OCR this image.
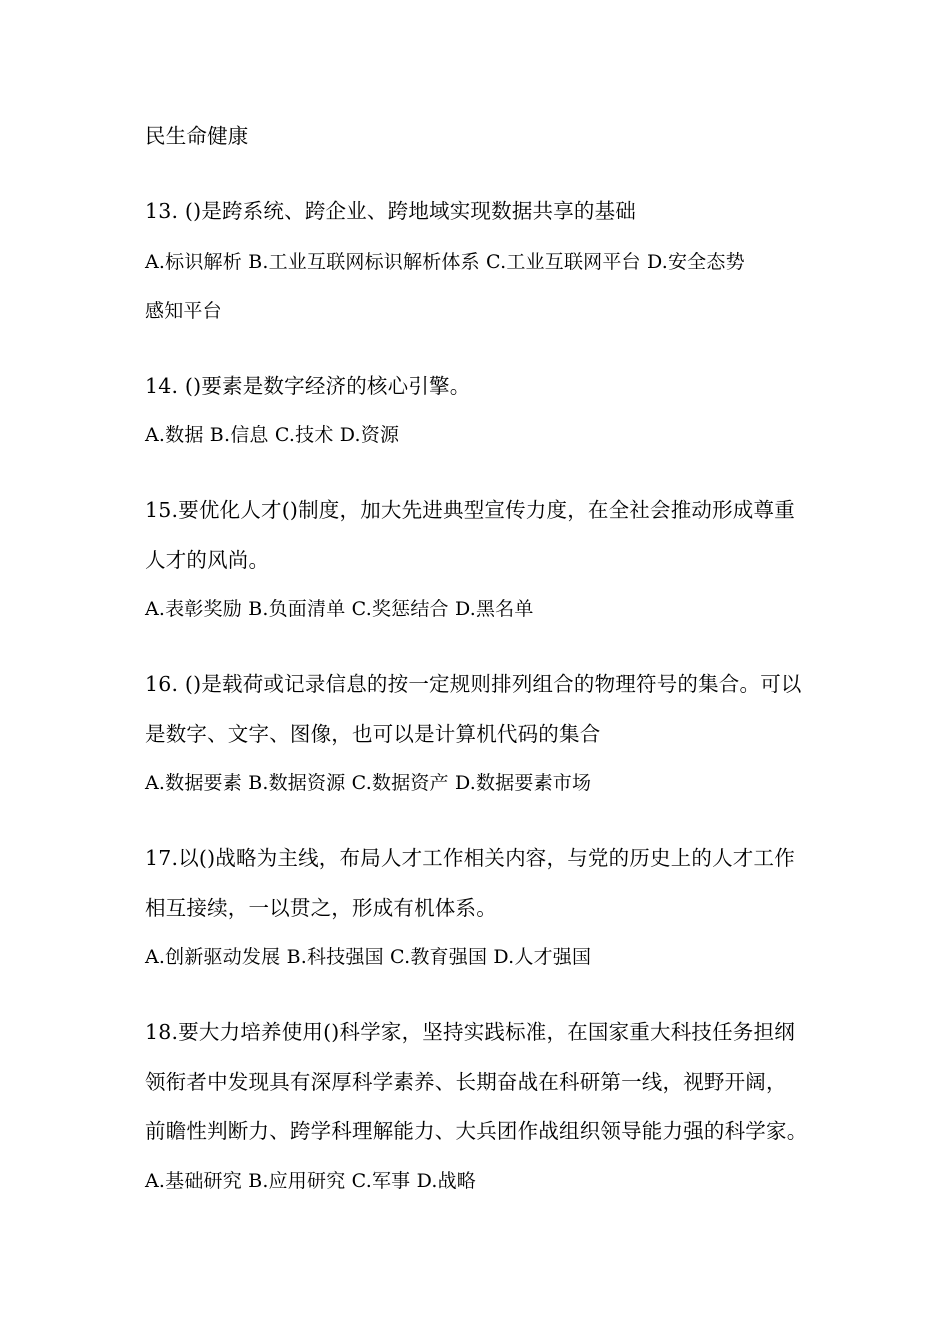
民生命健康
13. ()是跨系统、跨企业、跨地域实现数据共享的基础
A.标识解析 B.工业互联网标识解析体系 C.工业互联网平台 D.安全态势
感知平台
14. ()要素是数字经济的核心引擎。
A.数据 B.信息 C.技术 D.资源
15.要优化人才()制度，加大先进典型宣传力度，在全社会推动形成尊重
人才的风尚。
A.表彰奖励 B.负面清单 C.奖惩结合 D.黑名单
16. ()是载荷或记录信息的按一定规则排列组合的物理符号的集合。可以
是数字、文字、图像，也可以是计算机代码的集合
A.数据要素 B.数据资源 C.数据资产 D.数据要素市场
17.以()战略为主线，布局人才工作相关内容，与党的历史上的人才工作
相互接续，一以贯之，形成有机体系。
A.创新驱动发展 B.科技强国 C.教育强国 D.人才强国
18.要大力培养使用()科学家，坚持实践标准，在国家重大科技任务担纲
领衔者中发现具有深厚科学素养、长期奋战在科研第一线，视野开阔，
前瞻性判断力、跨学科理解能力、大兵团作战组织领导能力强的科学家。
A.基础研究 B.应用研究 C.军事 D.战略
